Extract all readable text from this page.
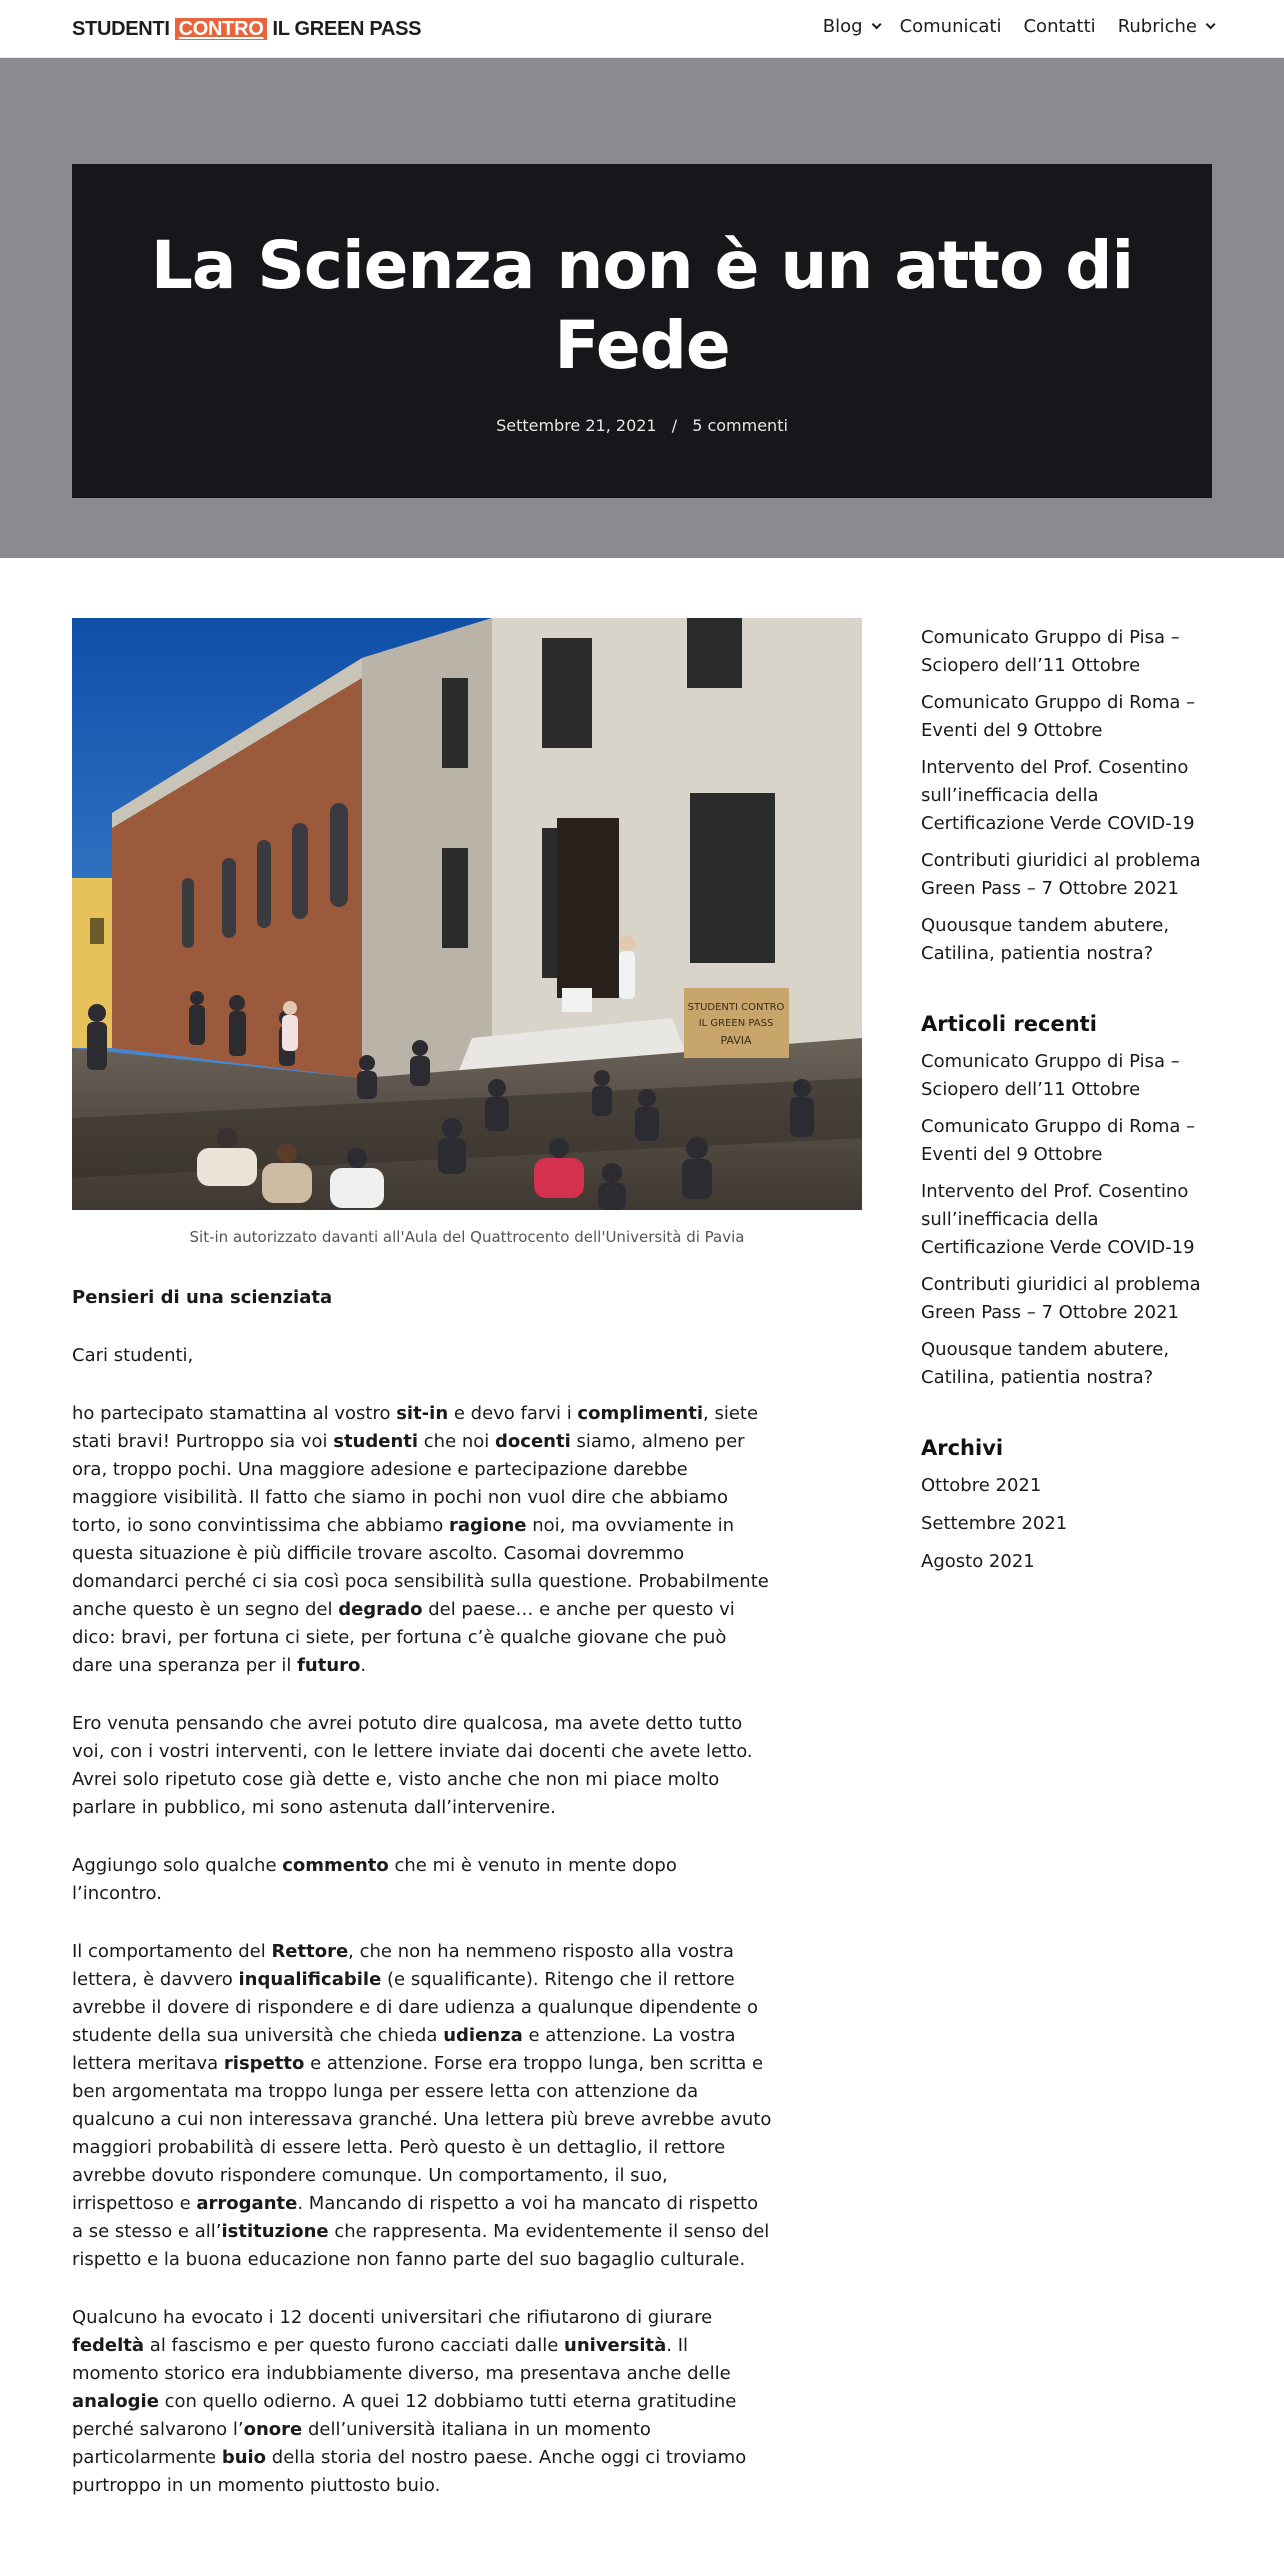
STUDENTI CONTRO IL GREEN PASS	Blog Comunicati Contatti Rubriche
La Scienza non è un atto di Fede
Settembre 21, 2021 / 5 commenti
STUDENTI CONTRO
IL GREEN PASS
PAVIA

Sit-in autorizzato davanti all'Aula del Quattrocento dell'Università di Pavia

Pensieri di una scienziata

Cari studenti,

ho partecipato stamattina al vostro sit-in e devo farvi i complimenti, siete stati bravi! Purtroppo sia voi studenti che noi docenti siamo, almeno per ora, troppo pochi. Una maggiore adesione e partecipazione darebbe maggiore visibilità. Il fatto che siamo in pochi non vuol dire che abbiamo torto, io sono convintissima che abbiamo ragione noi, ma ovviamente in questa situazione è più difficile trovare ascolto. Casomai dovremmo domandarci perché ci sia così poca sensibilità sulla questione. Probabilmente anche questo è un segno del degrado del paese… e anche per questo vi dico: bravi, per fortuna ci siete, per fortuna c’è qualche giovane che può dare una speranza per il futuro.

Ero venuta pensando che avrei potuto dire qualcosa, ma avete detto tutto voi, con i vostri interventi, con le lettere inviate dai docenti che avete letto. Avrei solo ripetuto cose già dette e, visto anche che non mi piace molto parlare in pubblico, mi sono astenuta dall’intervenire.

Aggiungo solo qualche commento che mi è venuto in mente dopo l’incontro.

Il comportamento del Rettore, che non ha nemmeno risposto alla vostra lettera, è davvero inqualificabile (e squalificante). Ritengo che il rettore avrebbe il dovere di rispondere e di dare udienza a qualunque dipendente o studente della sua università che chieda udienza e attenzione. La vostra lettera meritava rispetto e attenzione. Forse era troppo lunga, ben scritta e ben argomentata ma troppo lunga per essere letta con attenzione da qualcuno a cui non interessava granché. Una lettera più breve avrebbe avuto maggiori probabilità di essere letta. Però questo è un dettaglio, il rettore avrebbe dovuto rispondere comunque. Un comportamento, il suo, irrispettoso e arrogante. Mancando di rispetto a voi ha mancato di rispetto a se stesso e all’istituzione che rappresenta. Ma evidentemente il senso del rispetto e la buona educazione non fanno parte del suo bagaglio culturale.

Qualcuno ha evocato i 12 docenti universitari che rifiutarono di giurare fedeltà al fascismo e per questo furono cacciati dalle università. Il momento storico era indubbiamente diverso, ma presentava anche delle analogie con quello odierno. A quei 12 dobbiamo tutti eterna gratitudine perché salvarono l’onore dell’università italiana in un momento particolarmente buio della storia del nostro paese. Anche oggi ci troviamo purtroppo in un momento piuttosto buio.

Comunicato Gruppo di Pisa – Sciopero dell’11 Ottobre
Comunicato Gruppo di Roma – Eventi del 9 Ottobre
Intervento del Prof. Cosentino sull’inefficacia della Certificazione Verde COVID-19
Contributi giuridici al problema Green Pass – 7 Ottobre 2021
Quousque tandem abutere, Catilina, patientia nostra?
Articoli recenti
Comunicato Gruppo di Pisa – Sciopero dell’11 Ottobre
Comunicato Gruppo di Roma – Eventi del 9 Ottobre
Intervento del Prof. Cosentino sull’inefficacia della Certificazione Verde COVID-19
Contributi giuridici al problema Green Pass – 7 Ottobre 2021
Quousque tandem abutere, Catilina, patientia nostra?
Archivi
Ottobre 2021
Settembre 2021
Agosto 2021
